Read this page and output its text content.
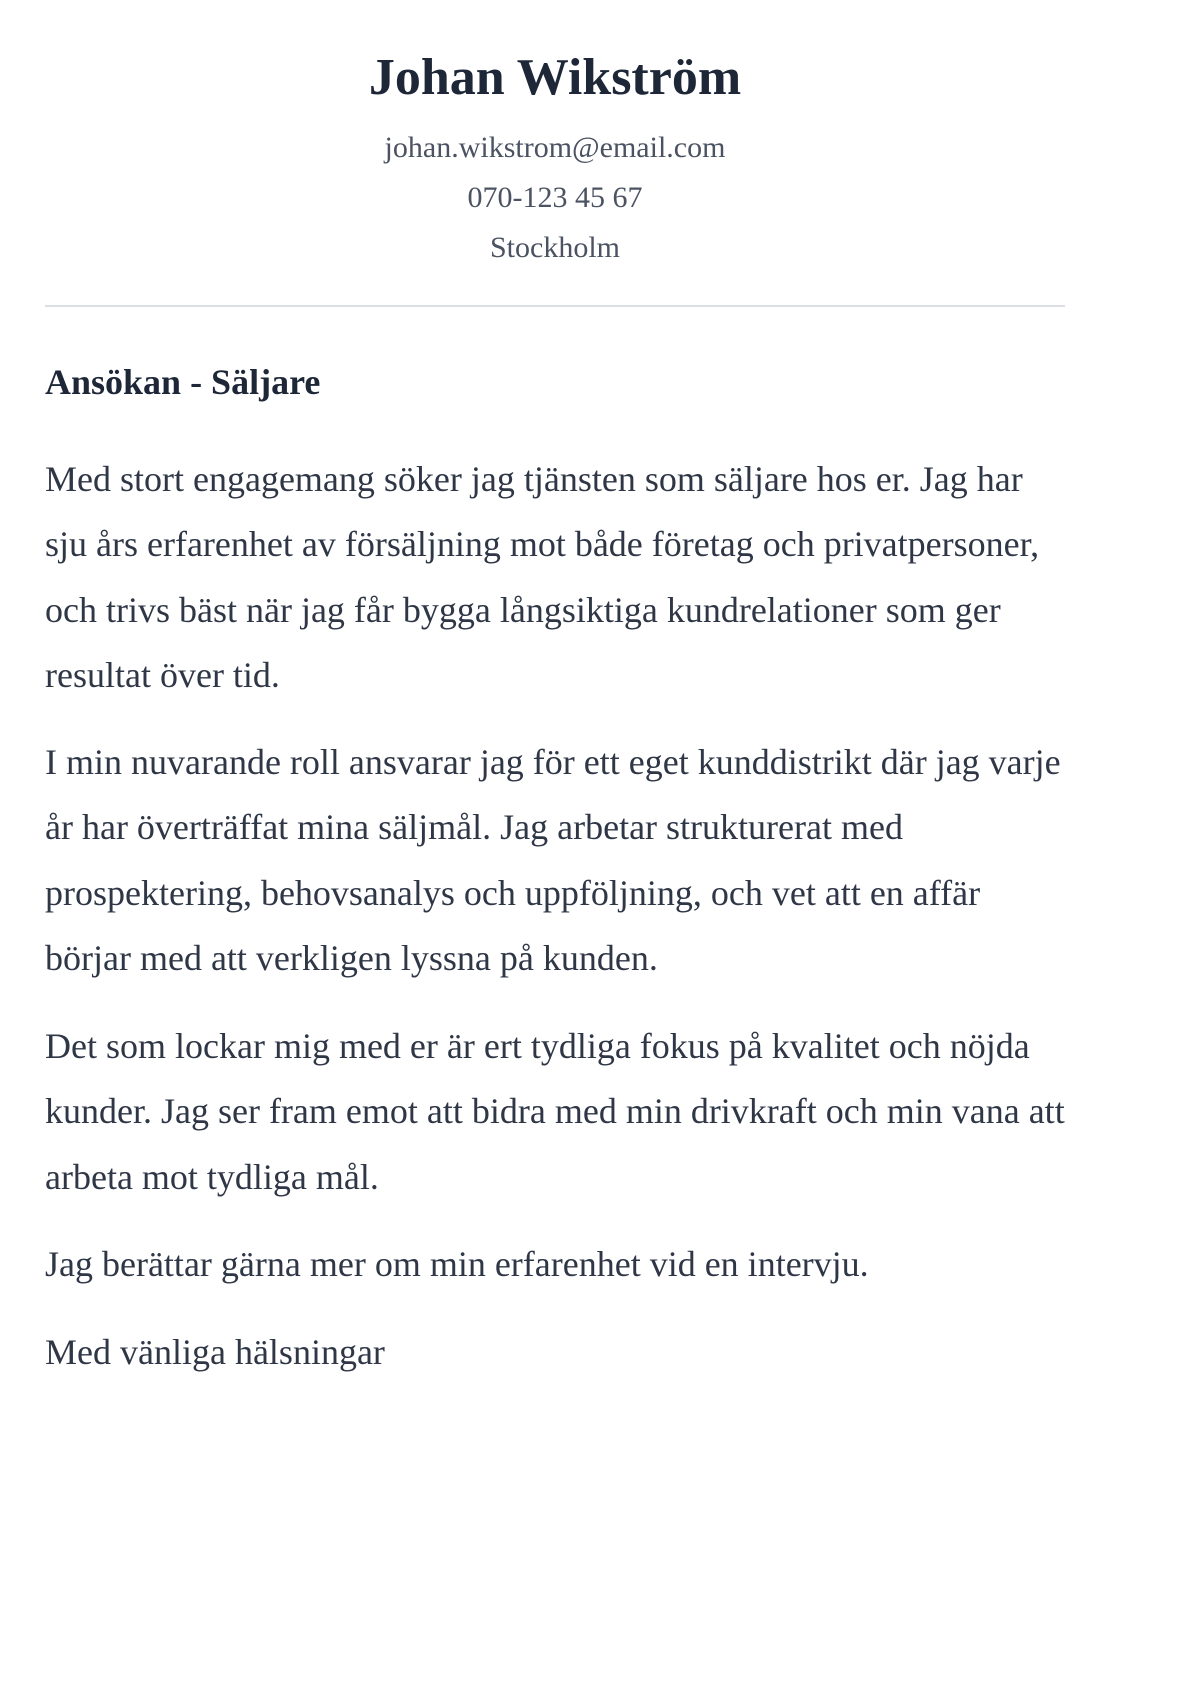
Johan Wikström

johan.wikstrom@email.com

070-123 45 67

Stockholm

Ansökan - Säljare

Med stort engagemang söker jag tjänsten som säljare hos er. Jag har sju års erfarenhet av försäljning mot både företag och privatpersoner, och trivs bäst när jag får bygga långsiktiga kundrelationer som ger resultat över tid.

I min nuvarande roll ansvarar jag för ett eget kunddistrikt där jag varje år har överträffat mina säljmål. Jag arbetar strukturerat med prospektering, behovsanalys och uppföljning, och vet att en affär börjar med att verkligen lyssna på kunden.

Det som lockar mig med er är ert tydliga fokus på kvalitet och nöjda kunder. Jag ser fram emot att bidra med min drivkraft och min vana att arbeta mot tydliga mål.

Jag berättar gärna mer om min erfarenhet vid en intervju.

Med vänliga hälsningar
